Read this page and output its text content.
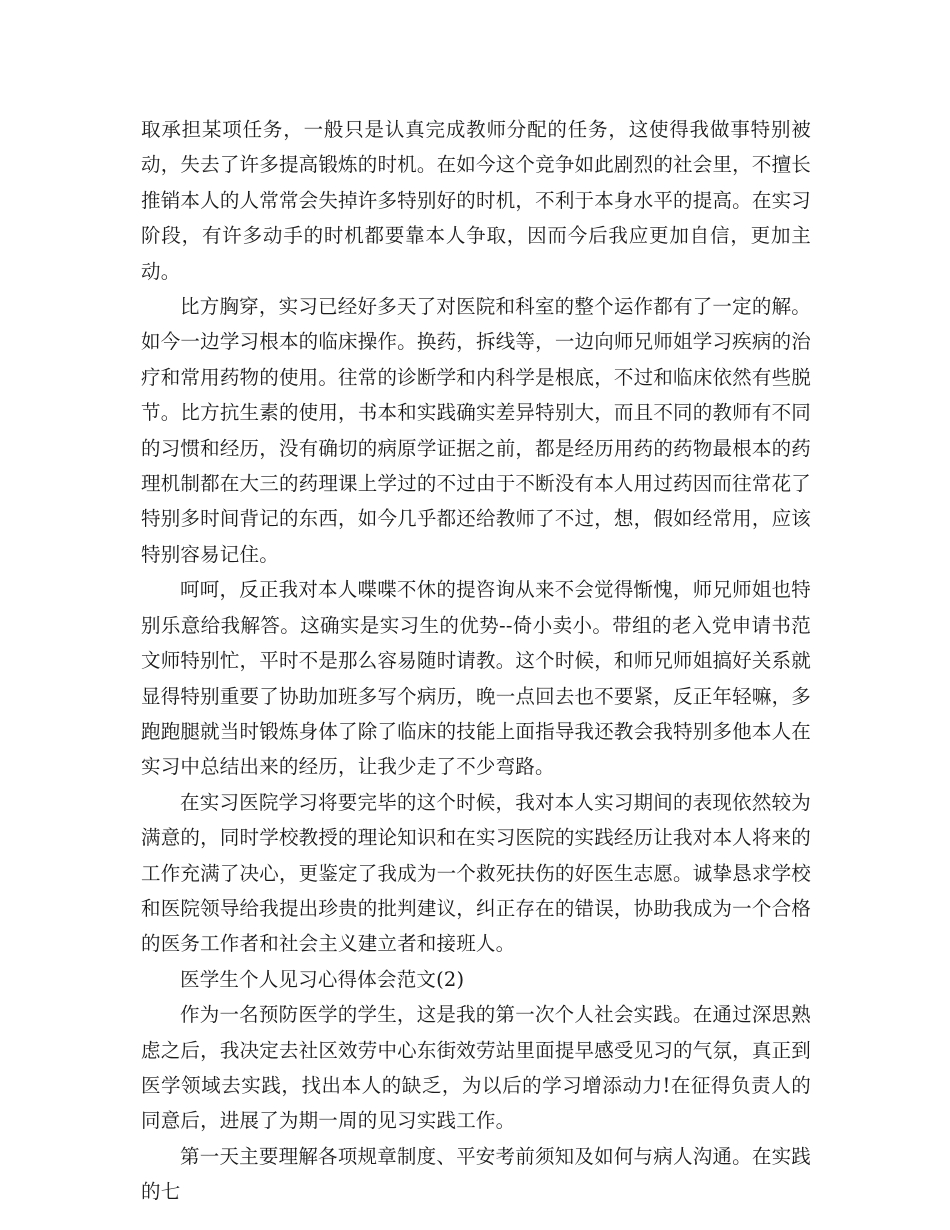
取承担某项任务，一般只是认真完成教师分配的任务，这使得我做事特别被动，失去了许多提高锻炼的时机。在如今这个竞争如此剧烈的社会里，不擅长推销本人的人常常会失掉许多特别好的时机，不利于本身水平的提高。在实习阶段，有许多动手的时机都要靠本人争取，因而今后我应更加自信，更加主动。

比方胸穿，实习已经好多天了对医院和科室的整个运作都有了一定的解。如今一边学习根本的临床操作。换药，拆线等，一边向师兄师姐学习疾病的治疗和常用药物的使用。往常的诊断学和内科学是根底，不过和临床依然有些脱节。比方抗生素的使用，书本和实践确实差异特别大，而且不同的教师有不同的习惯和经历，没有确切的病原学证据之前，都是经历用药的药物最根本的药理机制都在大三的药理课上学过的不过由于不断没有本人用过药因而往常花了特别多时间背记的东西，如今几乎都还给教师了不过，想，假如经常用，应该特别容易记住。

呵呵，反正我对本人喋喋不休的提咨询从来不会觉得惭愧，师兄师姐也特别乐意给我解答。这确实是实习生的优势--倚小卖小。带组的老入党申请书范文师特别忙，平时不是那么容易随时请教。这个时候，和师兄师姐搞好关系就显得特别重要了协助加班多写个病历，晚一点回去也不要紧，反正年轻嘛，多跑跑腿就当时锻炼身体了除了临床的技能上面指导我还教会我特别多他本人在实习中总结出来的经历，让我少走了不少弯路。

在实习医院学习将要完毕的这个时候，我对本人实习期间的表现依然较为满意的，同时学校教授的理论知识和在实习医院的实践经历让我对本人将来的工作充满了决心，更鉴定了我成为一个救死扶伤的好医生志愿。诚挚恳求学校和医院领导给我提出珍贵的批判建议，纠正存在的错误，协助我成为一个合格的医务工作者和社会主义建立者和接班人。

医学生个人见习心得体会范文(2)

作为一名预防医学的学生，这是我的第一次个人社会实践。在通过深思熟虑之后，我决定去社区效劳中心东街效劳站里面提早感受见习的气氛，真正到医学领域去实践，找出本人的缺乏，为以后的学习增添动力!在征得负责人的同意后，进展了为期一周的见习实践工作。

第一天主要理解各项规章制度、平安考前须知及如何与病人沟通。在实践的七
